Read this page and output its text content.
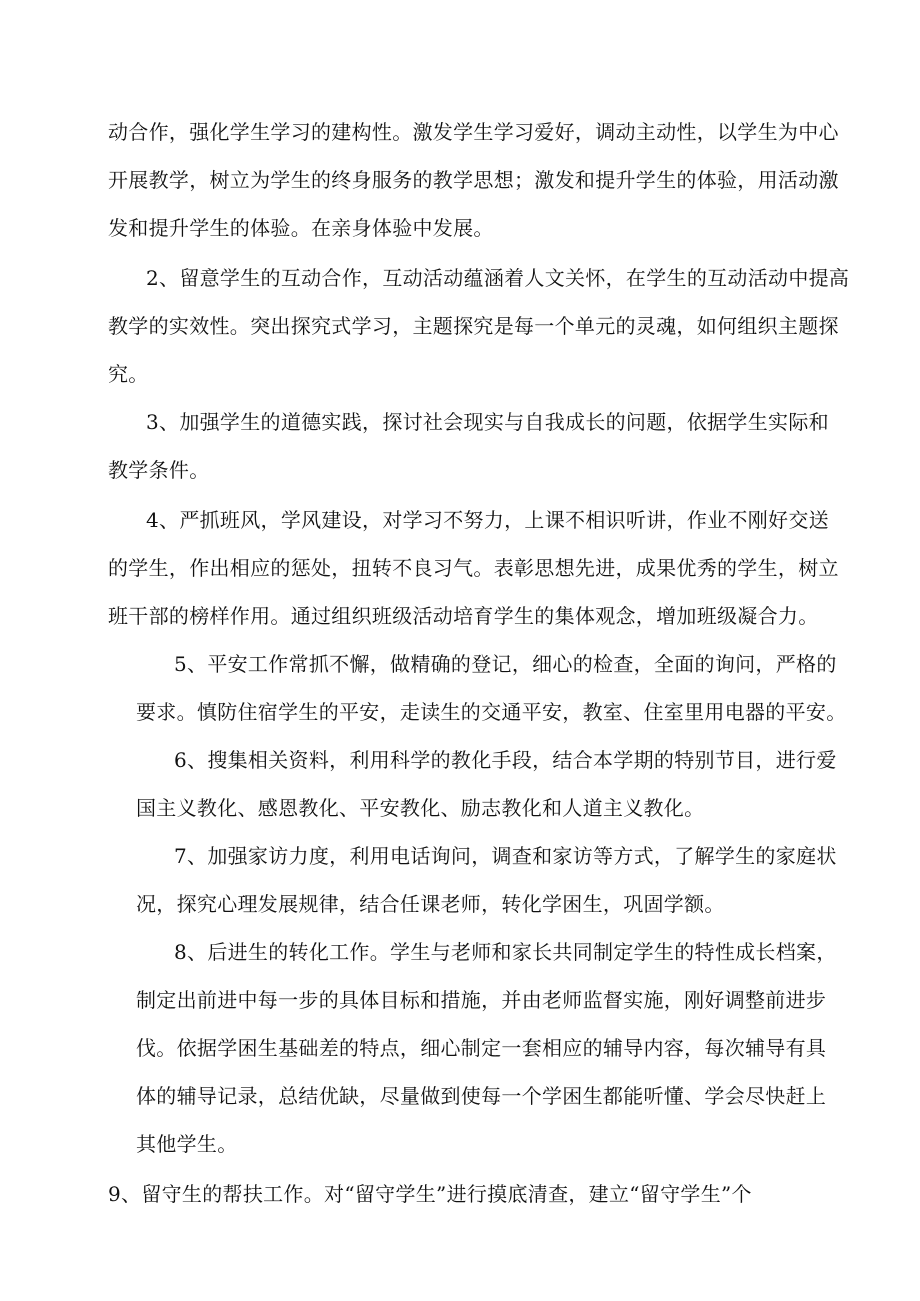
动合作，强化学生学习的建构性。激发学生学习爱好，调动主动性，以学生为中心
开展教学，树立为学生的终身服务的教学思想；激发和提升学生的体验，用活动激
发和提升学生的体验。在亲身体验中发展。
2、留意学生的互动合作，互动活动蕴涵着人文关怀，在学生的互动活动中提高
教学的实效性。突出探究式学习，主题探究是每一个单元的灵魂，如何组织主题探
究。
3、加强学生的道德实践，探讨社会现实与自我成长的问题，依据学生实际和
教学条件。
4、严抓班风，学风建设，对学习不努力，上课不相识听讲，作业不刚好交送
的学生，作出相应的惩处，扭转不良习气。表彰思想先进，成果优秀的学生，树立
班干部的榜样作用。通过组织班级活动培育学生的集体观念，增加班级凝合力。
5、平安工作常抓不懈，做精确的登记，细心的检查，全面的询问，严格的
要求。慎防住宿学生的平安，走读生的交通平安，教室、住室里用电器的平安。
6、搜集相关资料，利用科学的教化手段，结合本学期的特别节目，进行爱
国主义教化、感恩教化、平安教化、励志教化和人道主义教化。
7、加强家访力度，利用电话询问，调查和家访等方式，了解学生的家庭状
况，探究心理发展规律，结合任课老师，转化学困生，巩固学额。
8、后进生的转化工作。学生与老师和家长共同制定学生的特性成长档案，
制定出前进中每一步的具体目标和措施，并由老师监督实施，刚好调整前进步
伐。依据学困生基础差的特点，细心制定一套相应的辅导内容，每次辅导有具
体的辅导记录，总结优缺，尽量做到使每一个学困生都能听懂、学会尽快赶上
其他学生。
9、留守生的帮扶工作。对“留守学生”进行摸底清查，建立“留守学生”个
